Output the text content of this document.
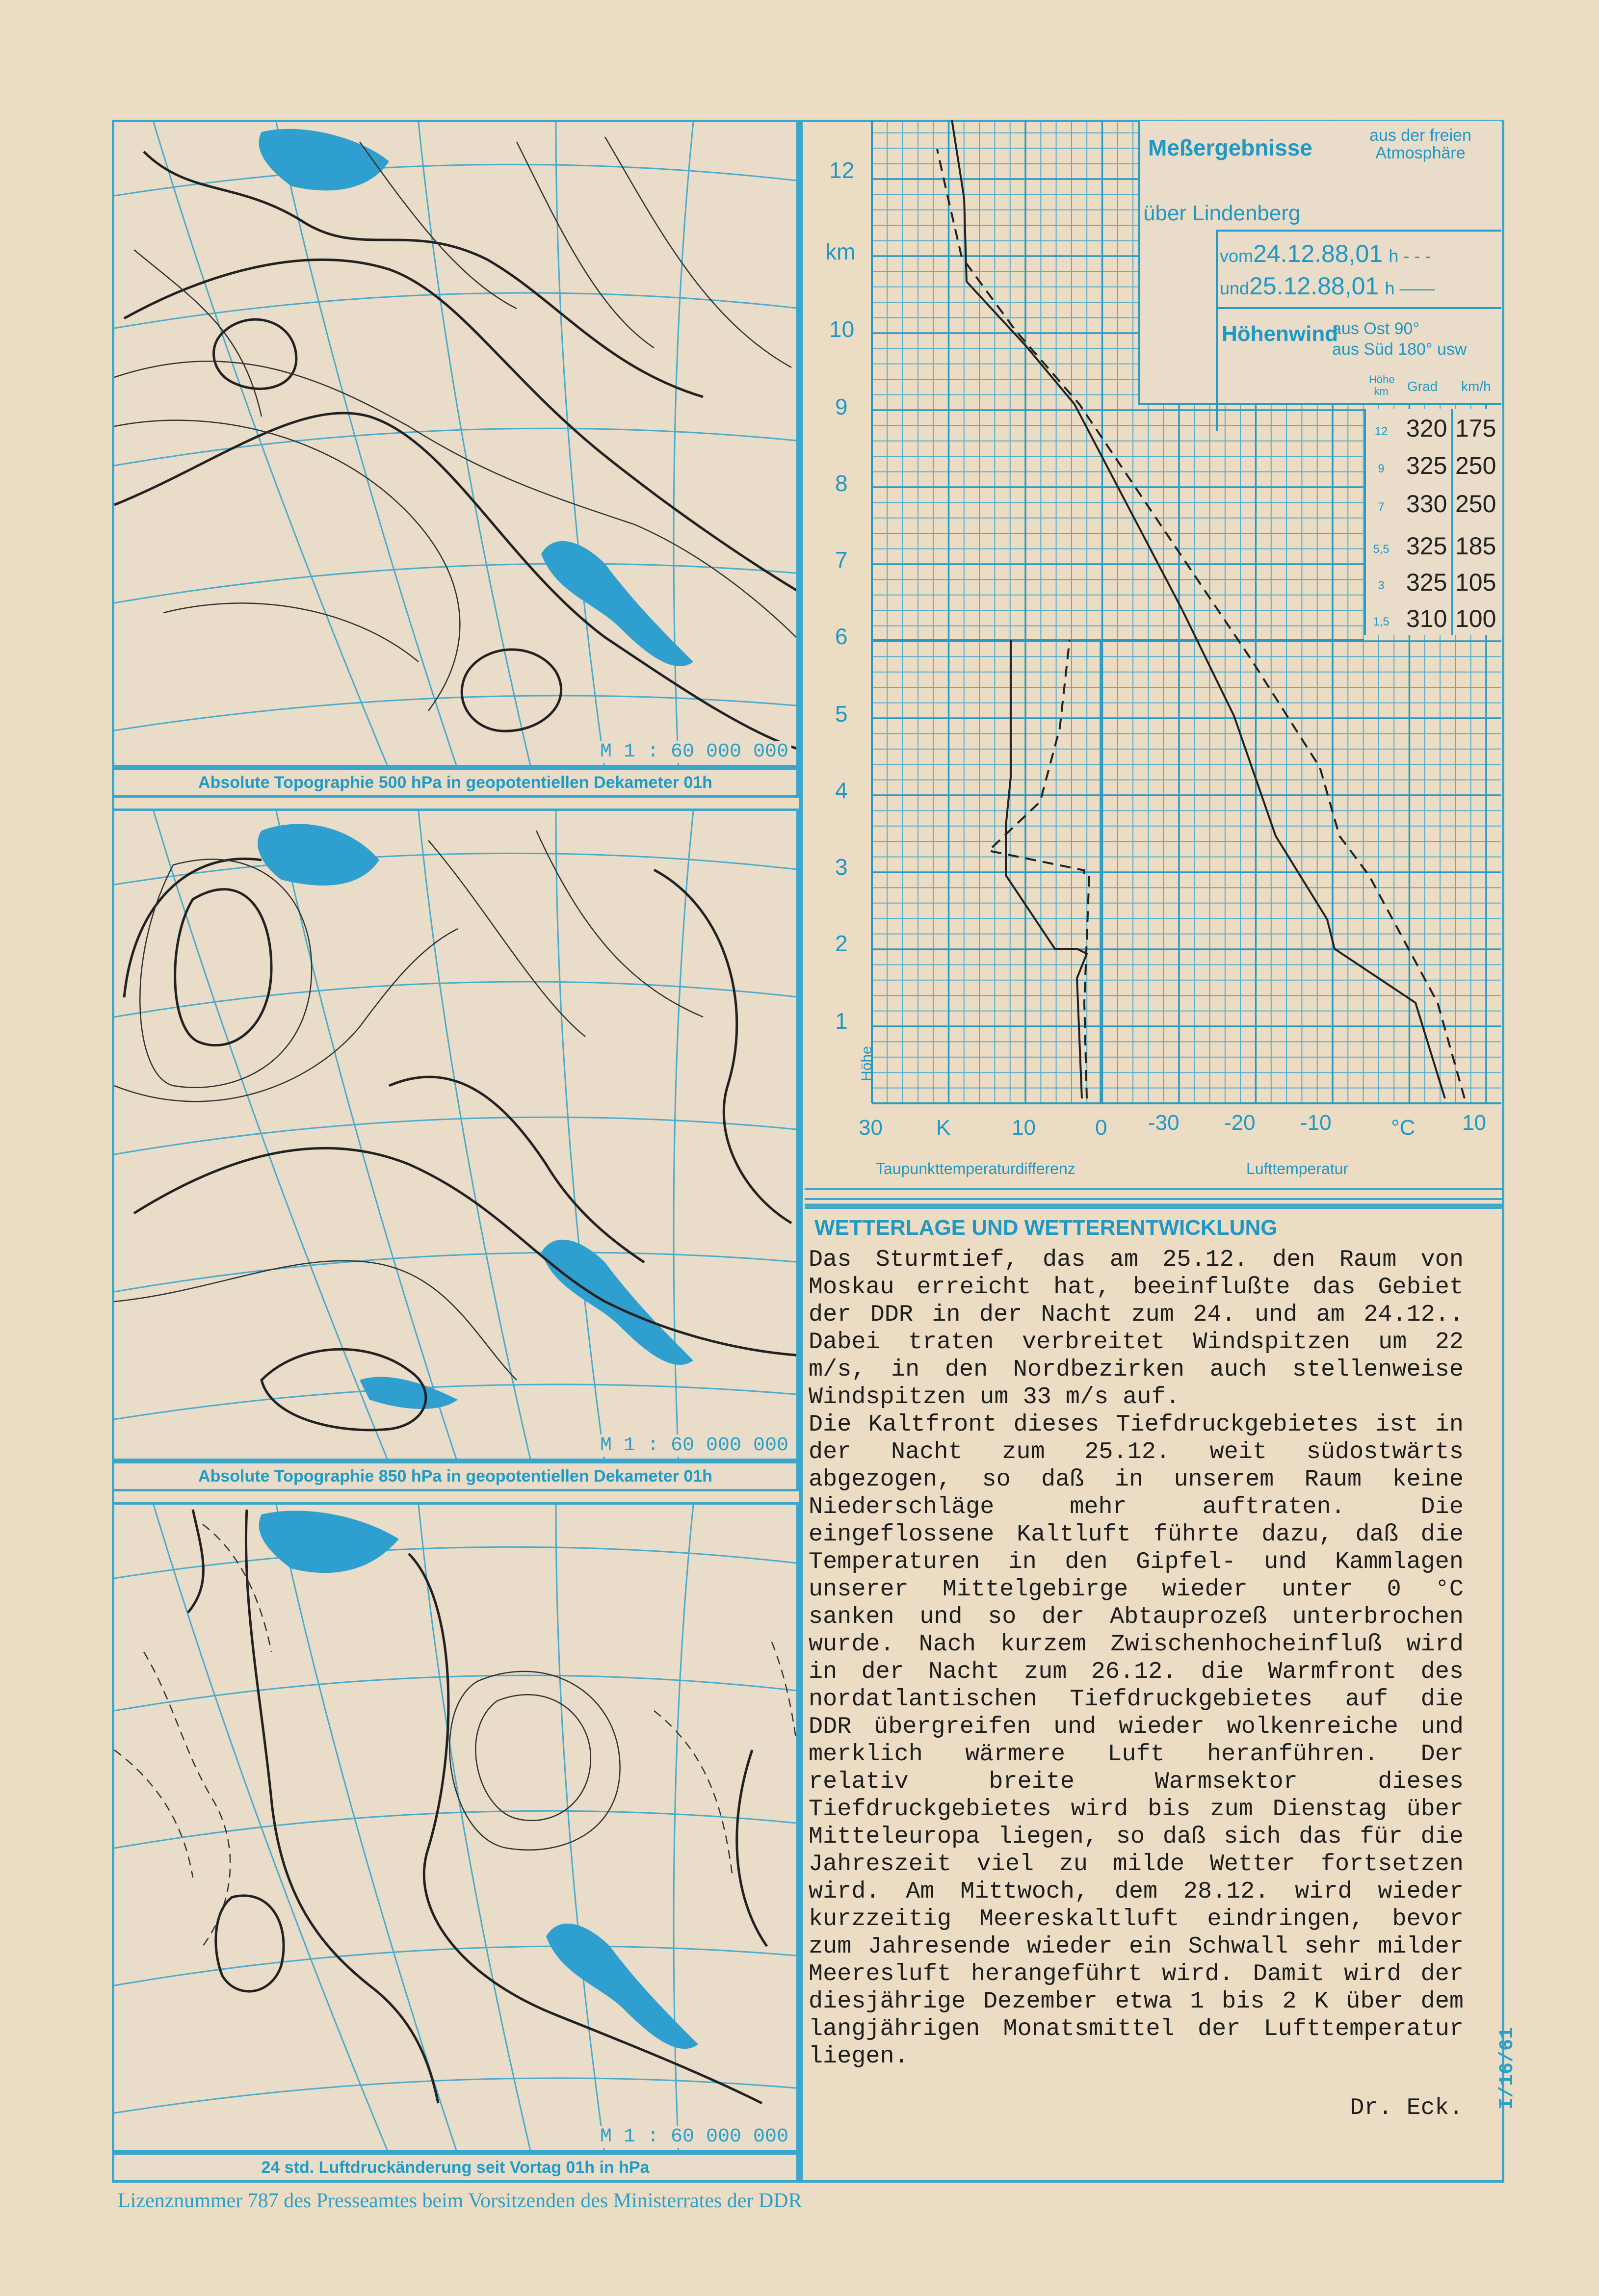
M 1 : 60 000 000
Absolute Topographie 500 hPa in geopotentiellen Dekameter 01h
M 1 : 60 000 000
Absolute Topographie 850 hPa in geopotentiellen Dekameter 01h
M 1 : 60 000 000
24 std. Luftdruckänderung seit Vortag 01h in hPa
1
2
3
4
5
6
7
8
9
10
12
km
Höhe
30 K	10	0 -30 -20 -10	°C 10
Taupunkttemperaturdifferenz	Lufttemperatur
Meßergebnisse	aus der freien Atmosphäre
über Lindenberg
vom24.12.88,01 h - - -
und25.12.88,01 h ——
Höhenwind
aus Ost 90°
aus Süd 180° usw
Höhe km	Grad km/h
12 320 175
9 325 250
7 330 250
5,5 325 185
3 325 105
1,5 310 100
WETTERLAGE UND WETTERENTWICKLUNG

Das Sturmtief, das am 25.12. den Raum von Moskau erreicht hat, beeinflußte das Gebiet der DDR in der Nacht zum 24. und am 24.12.. Dabei traten verbreitet Windspitzen um 22 m/s, in den Nordbezirken auch stellenweise Windspitzen um 33 m/s auf.

Die Kaltfront dieses Tiefdruckgebietes ist in der Nacht zum 25.12. weit südostwärts abgezogen, so daß in unserem Raum keine Niederschläge mehr auftraten. Die eingeflossene Kaltluft führte dazu, daß die Temperaturen in den Gipfel- und Kammlagen unserer Mittelgebirge wieder unter 0 °C sanken und so der Abtauprozeß unterbrochen wurde. Nach kurzem Zwischenhocheinfluß wird in der Nacht zum 26.12. die Warmfront des nordatlantischen Tiefdruckgebietes auf die DDR übergreifen und wieder wolkenreiche und merklich wärmere Luft heranführen. Der relativ breite Warmsektor dieses Tiefdruckgebietes wird bis zum Dienstag über Mitteleuropa liegen, so daß sich das für die Jahreszeit viel zu milde Wetter fortsetzen wird. Am Mittwoch, dem 28.12. wird wieder kurzzeitig Meereskaltluft eindringen, bevor zum Jahresende wieder ein Schwall sehr milder Meeresluft herangeführt wird. Damit wird der diesjährige Dezember etwa 1 bis 2 K über dem langjährigen Monatsmittel der Lufttemperatur liegen.

Dr. Eck.
Lizenznummer 787 des Presseamtes beim Vorsitzenden des Ministerrates der DDR
I/16/61
